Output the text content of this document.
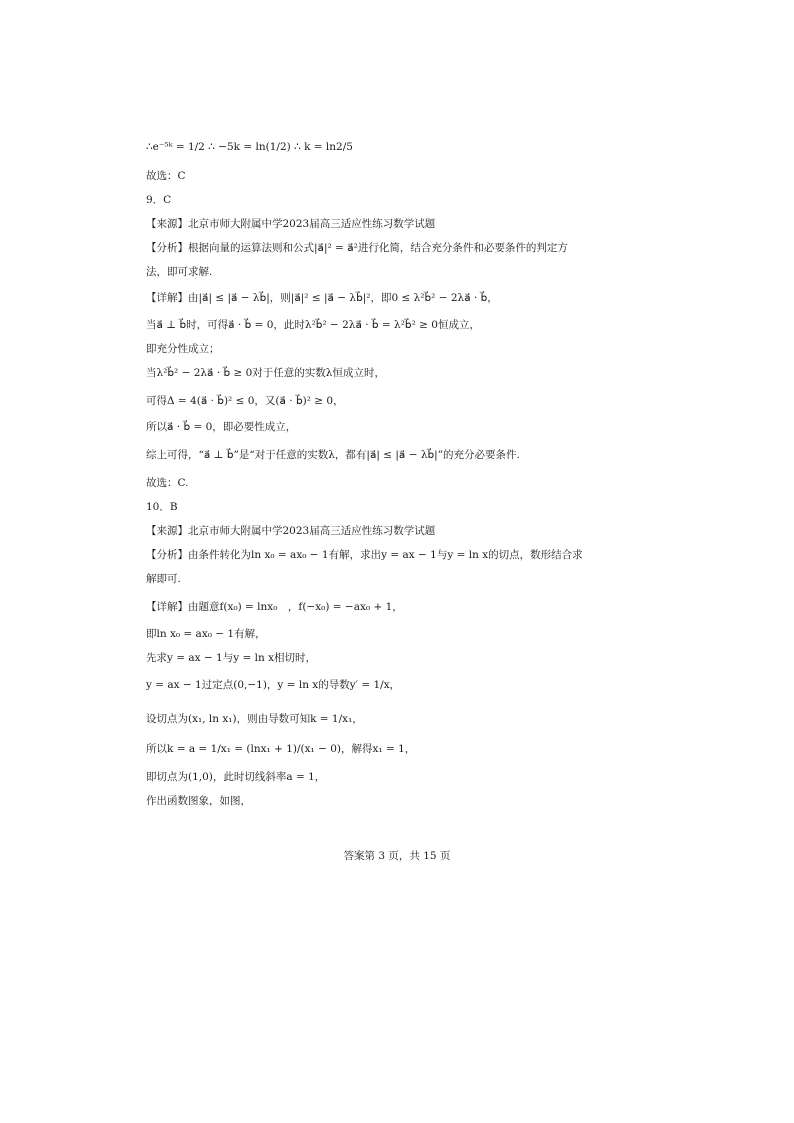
∴e⁻⁵ᵏ = 1/2 ∴ −5k = ln(1/2) ∴ k = ln2/5
故选：C
9．C
【来源】北京市师大附属中学2023届高三适应性练习数学试题
【分析】根据向量的运算法则和公式|a⃗|² = a⃗²进行化简，结合充分条件和必要条件的判定方
法，即可求解.
【详解】由|a⃗| ≤ |a⃗ − λb⃗|，则|a⃗|² ≤ |a⃗ − λb⃗|²，即0 ≤ λ²b⃗² − 2λa⃗ · b⃗，
当a⃗ ⊥ b⃗时，可得a⃗ · b⃗ = 0，此时λ²b⃗² − 2λa⃗ · b⃗ = λ²b⃗² ≥ 0恒成立，
即充分性成立；
当λ²b⃗² − 2λa⃗ · b⃗ ≥ 0对于任意的实数λ恒成立时，
可得Δ = 4(a⃗ · b⃗)² ≤ 0，又(a⃗ · b⃗)² ≥ 0，
所以a⃗ · b⃗ = 0，即必要性成立，
综上可得，“a⃗ ⊥ b⃗”是“对于任意的实数λ，都有|a⃗| ≤ |a⃗ − λb⃗|”的充分必要条件.
故选：C.
10．B
【来源】北京市师大附属中学2023届高三适应性练习数学试题
【分析】由条件转化为ln x₀ = ax₀ − 1有解，求出y = ax − 1与y = ln x的切点，数形结合求
解即可.
【详解】由题意f(x₀) = lnx₀　，f(−x₀) = −ax₀ + 1，
即ln x₀ = ax₀ − 1有解，
先求y = ax − 1与y = ln x相切时，
y = ax − 1过定点(0,−1)，y = ln x的导数y′ = 1/x，
设切点为(x₁, ln x₁)，则由导数可知k = 1/x₁，
所以k = a = 1/x₁ = (lnx₁ + 1)/(x₁ − 0)，解得x₁ = 1，
即切点为(1,0)，此时切线斜率a = 1，
作出函数图象，如图，
答案第 3 页，共 15 页
